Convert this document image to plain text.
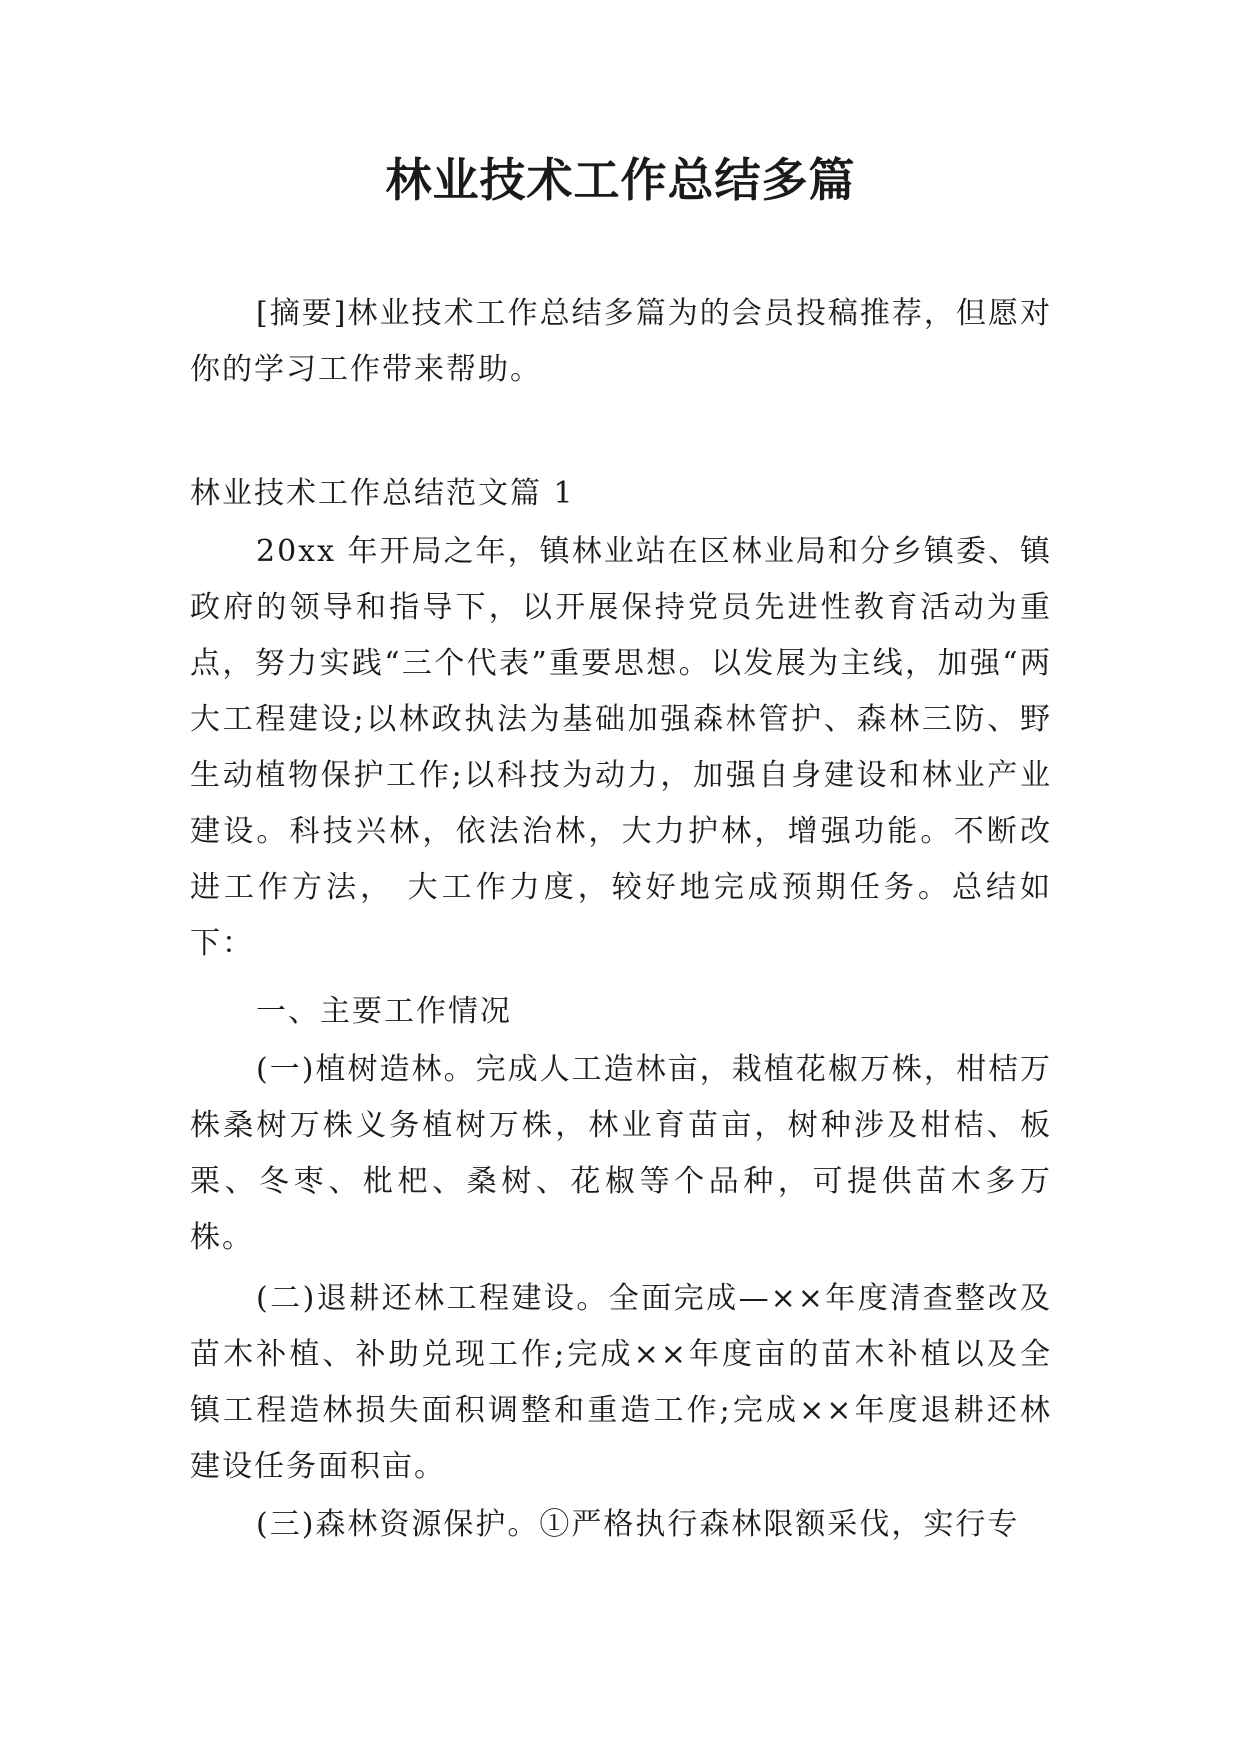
林业技术工作总结多篇

[摘要]林业技术工作总结多篇为的会员投稿推荐，但愿对你的学习工作带来帮助。

林业技术工作总结范文篇 1

20xx 年开局之年，镇林业站在区林业局和分乡镇委、镇政府的领导和指导下，以开展保持党员先进性教育活动为重点，努力实践“三个代表”重要思想。以发展为主线，加强“两大工程建设;以林政执法为基础加强森林管护、森林三防、野生动植物保护工作;以科技为动力，加强自身建设和林业产业建设。科技兴林，依法治林，大力护林，增强功能。不断改进工作方法， 大工作力度，较好地完成预期任务。总结如下：

一、主要工作情况

(一)植树造林。完成人工造林亩，栽植花椒万株，柑桔万株桑树万株义务植树万株，林业育苗亩，树种涉及柑桔、板栗、冬枣、枇杷、桑树、花椒等个品种，可提供苗木多万株。

(二)退耕还林工程建设。全面完成—××年度清查整改及苗木补植、补助兑现工作;完成××年度亩的苗木补植以及全镇工程造林损失面积调整和重造工作;完成××年度退耕还林建设任务面积亩。

(三)森林资源保护。①严格执行森林限额采伐，实行专
